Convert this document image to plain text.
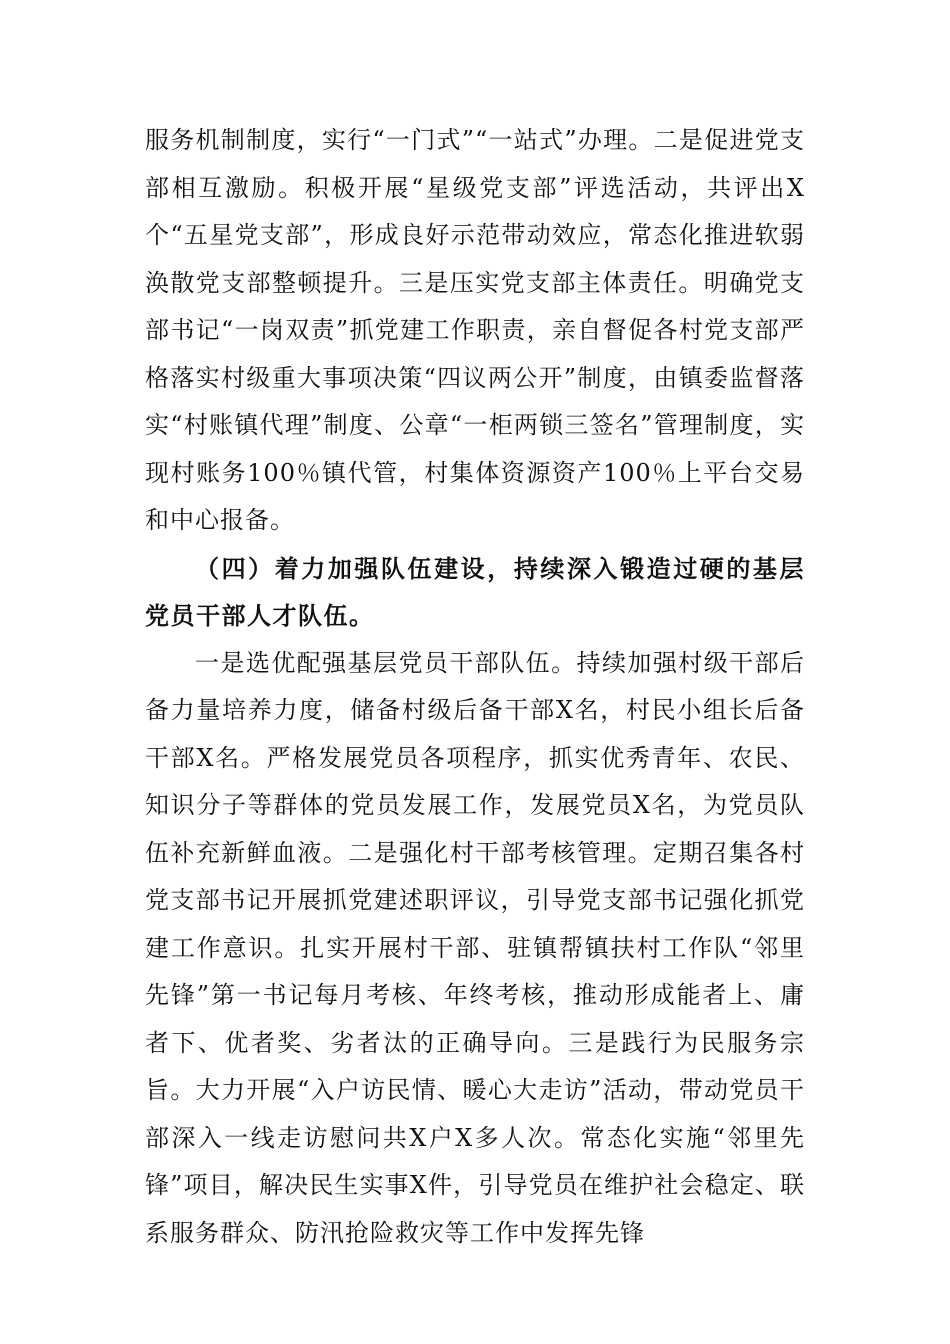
服务机制制度，实行“一门式”“一站式”办理。二是促进党支部相互激励。积极开展“星级党支部”评选活动，共评出X个“五星党支部”，形成良好示范带动效应，常态化推进软弱涣散党支部整顿提升。三是压实党支部主体责任。明确党支部书记“一岗双责”抓党建工作职责，亲自督促各村党支部严格落实村级重大事项决策“四议两公开”制度，由镇委监督落实“村账镇代理”制度、公章“一柜两锁三签名”管理制度，实现村账务100％镇代管，村集体资源资产100％上平台交易和中心报备。

（四）着力加强队伍建设，持续深入锻造过硬的基层党员干部人才队伍。

一是选优配强基层党员干部队伍。持续加强村级干部后备力量培养力度，储备村级后备干部X名，村民小组长后备干部X名。严格发展党员各项程序，抓实优秀青年、农民、知识分子等群体的党员发展工作，发展党员X名，为党员队伍补充新鲜血液。二是强化村干部考核管理。定期召集各村党支部书记开展抓党建述职评议，引导党支部书记强化抓党建工作意识。扎实开展村干部、驻镇帮镇扶村工作队“邻里先锋”第一书记每月考核、年终考核，推动形成能者上、庸者下、优者奖、劣者汰的正确导向。三是践行为民服务宗旨。大力开展“入户访民情、暖心大走访”活动，带动党员干部深入一线走访慰问共X户X多人次。常态化实施“邻里先锋”项目，解决民生实事X件，引导党员在维护社会稳定、联系服务群众、防汛抢险救灾等工作中发挥先锋
